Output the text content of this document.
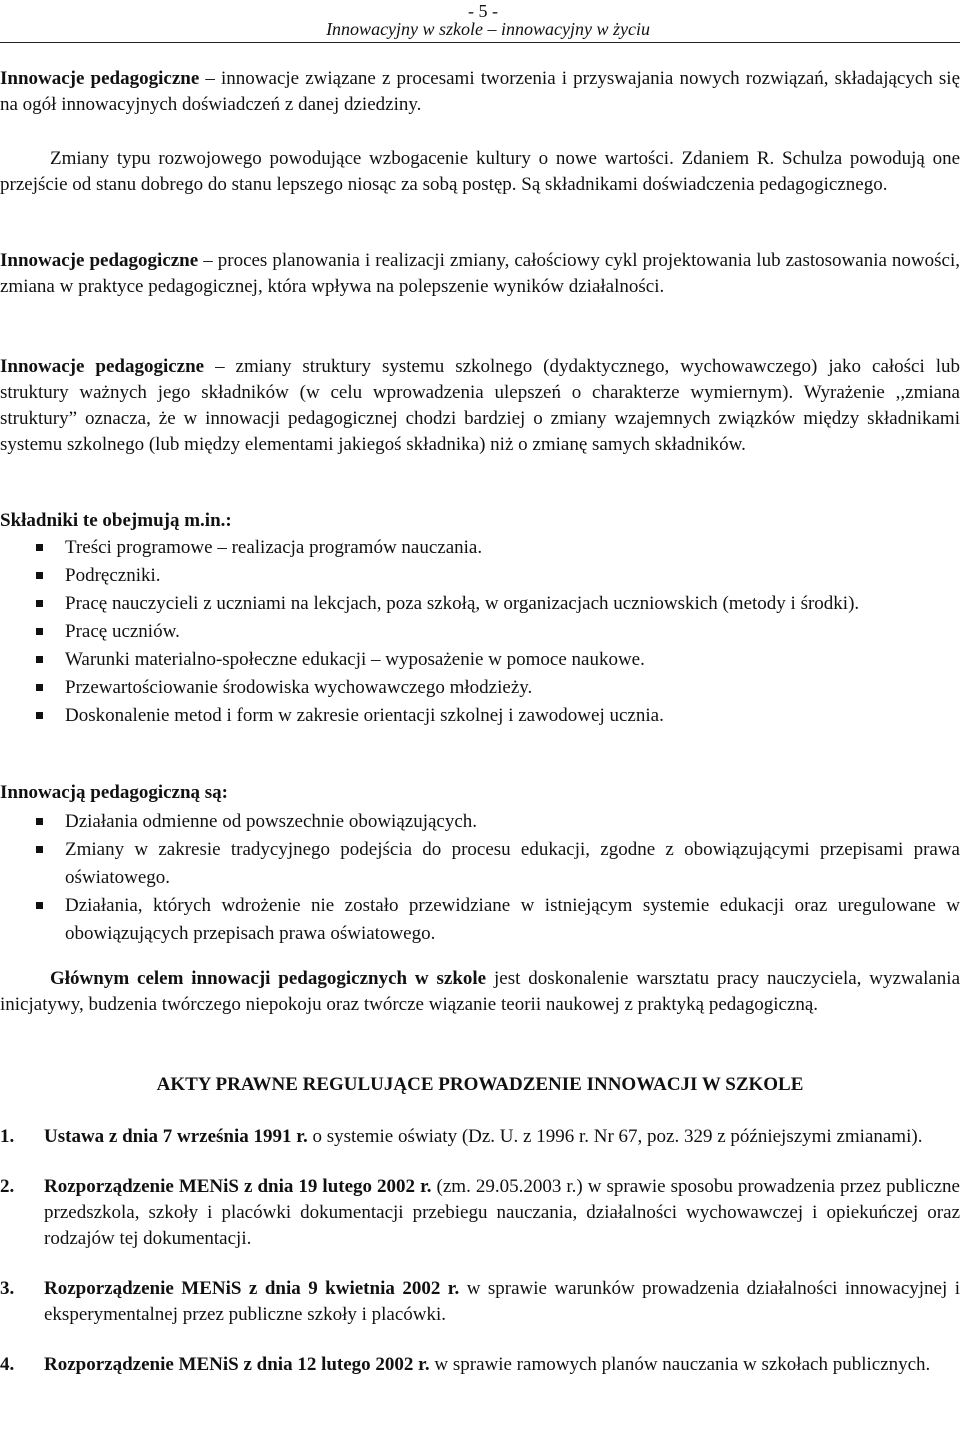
- 5 -
Innowacyjny w szkole – innowacyjny w życiu
Innowacje pedagogiczne – innowacje związane z procesami tworzenia i przyswajania nowych rozwiązań, składających się na ogół innowacyjnych doświadczeń z danej dziedziny.
Zmiany typu rozwojowego powodujące wzbogacenie kultury o nowe wartości. Zdaniem R. Schulza powodują one przejście od stanu dobrego do stanu lepszego niosąc za sobą postęp. Są składnikami doświadczenia pedagogicznego.
Innowacje pedagogiczne – proces planowania i realizacji zmiany, całościowy cykl projektowania lub zastosowania nowości, zmiana w praktyce pedagogicznej, która wpływa na polepszenie wyników działalności.
Innowacje pedagogiczne – zmiany struktury systemu szkolnego (dydaktycznego, wychowawczego) jako całości lub struktury ważnych jego składników (w celu wprowadzenia ulepszeń o charakterze wymiernym). Wyrażenie ,,zmiana struktury” oznacza, że w innowacji pedagogicznej chodzi bardziej o zmiany wzajemnych związków między składnikami systemu szkolnego (lub między elementami jakiegoś składnika) niż o zmianę samych składników.
Składniki te obejmują m.in.:
Treści programowe – realizacja programów nauczania.
Podręczniki.
Pracę nauczycieli z uczniami na lekcjach, poza szkołą, w organizacjach uczniowskich (metody i środki).
Pracę uczniów.
Warunki materialno-społeczne edukacji – wyposażenie w pomoce naukowe.
Przewartościowanie środowiska wychowawczego młodzieży.
Doskonalenie metod i form w zakresie orientacji szkolnej i zawodowej ucznia.
Innowacją pedagogiczną są:
Działania odmienne od powszechnie obowiązujących.
Zmiany w zakresie tradycyjnego podejścia do procesu edukacji, zgodne z obowiązującymi przepisami prawa oświatowego.
Działania, których wdrożenie nie zostało przewidziane w istniejącym systemie edukacji oraz uregulowane w obowiązujących przepisach prawa oświatowego.
Głównym celem innowacji pedagogicznych w szkole jest doskonalenie warsztatu pracy nauczyciela, wyzwalania inicjatywy, budzenia twórczego niepokoju oraz twórcze wiązanie teorii naukowej z praktyką pedagogiczną.
AKTY PRAWNE REGULUJĄCE PROWADZENIE INNOWACJI W SZKOLE
1. Ustawa z dnia 7 września 1991 r. o systemie oświaty (Dz. U. z 1996 r. Nr 67, poz. 329 z późniejszymi zmianami).
2. Rozporządzenie MENiS z dnia 19 lutego 2002 r. (zm. 29.05.2003 r.) w sprawie sposobu prowadzenia przez publiczne przedszkola, szkoły i placówki dokumentacji przebiegu nauczania, działalności wychowawczej i opiekuńczej oraz rodzajów tej dokumentacji.
3. Rozporządzenie MENiS z dnia 9 kwietnia 2002 r. w sprawie warunków prowadzenia działalności innowacyjnej i eksperymentalnej przez publiczne szkoły i placówki.
4. Rozporządzenie MENiS z dnia 12 lutego 2002 r. w sprawie ramowych planów nauczania w szkołach publicznych.
